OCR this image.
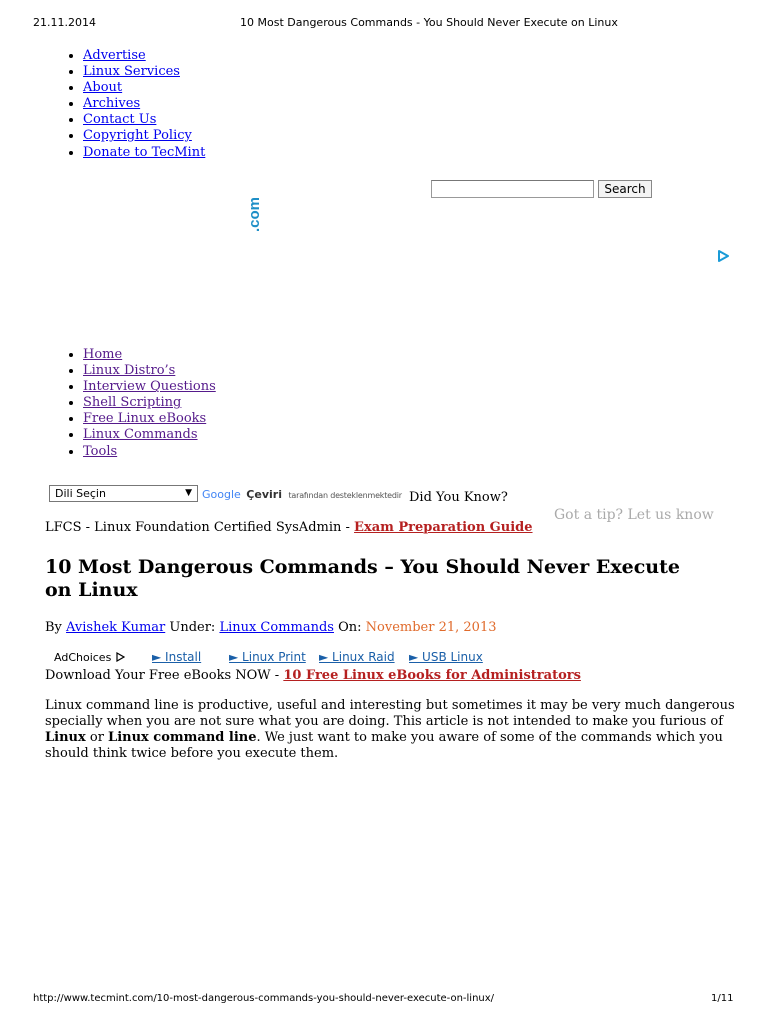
21.11.2014	10 Most Dangerous Commands - You Should Never Execute on Linux
• Advertise
• Linux Services
• About
• Archives
• Contact Us
• Copyright Policy
• Donate to TecMint
.com
Search
• Home
• Linux Distro’s
• Interview Questions
• Shell Scripting
• Free Linux eBooks
• Linux Commands
• Tools
Dili Seçin	▼ Google Çeviri tarafından desteklenmektedir Did You Know?
Got a tip? Let us know
LFCS - Linux Foundation Certified SysAdmin - Exam Preparation Guide
10 Most Dangerous Commands – You Should Never Execute on Linux
By Avishek Kumar Under: Linux Commands On: November 21, 2013
AdChoices	► Install ► Linux Print ► Linux Raid ► USB Linux
Download Your Free eBooks NOW - 10 Free Linux eBooks for Administrators

Linux command line is productive, useful and interesting but sometimes it may be very much dangerous specially when you are not sure what you are doing. This article is not intended to make you furious of Linux or Linux command line. We just want to make you aware of some of the commands which you should think twice before you execute them.

http://www.tecmint.com/10-most-dangerous-commands-you-should-never-execute-on-linux/	1/11
